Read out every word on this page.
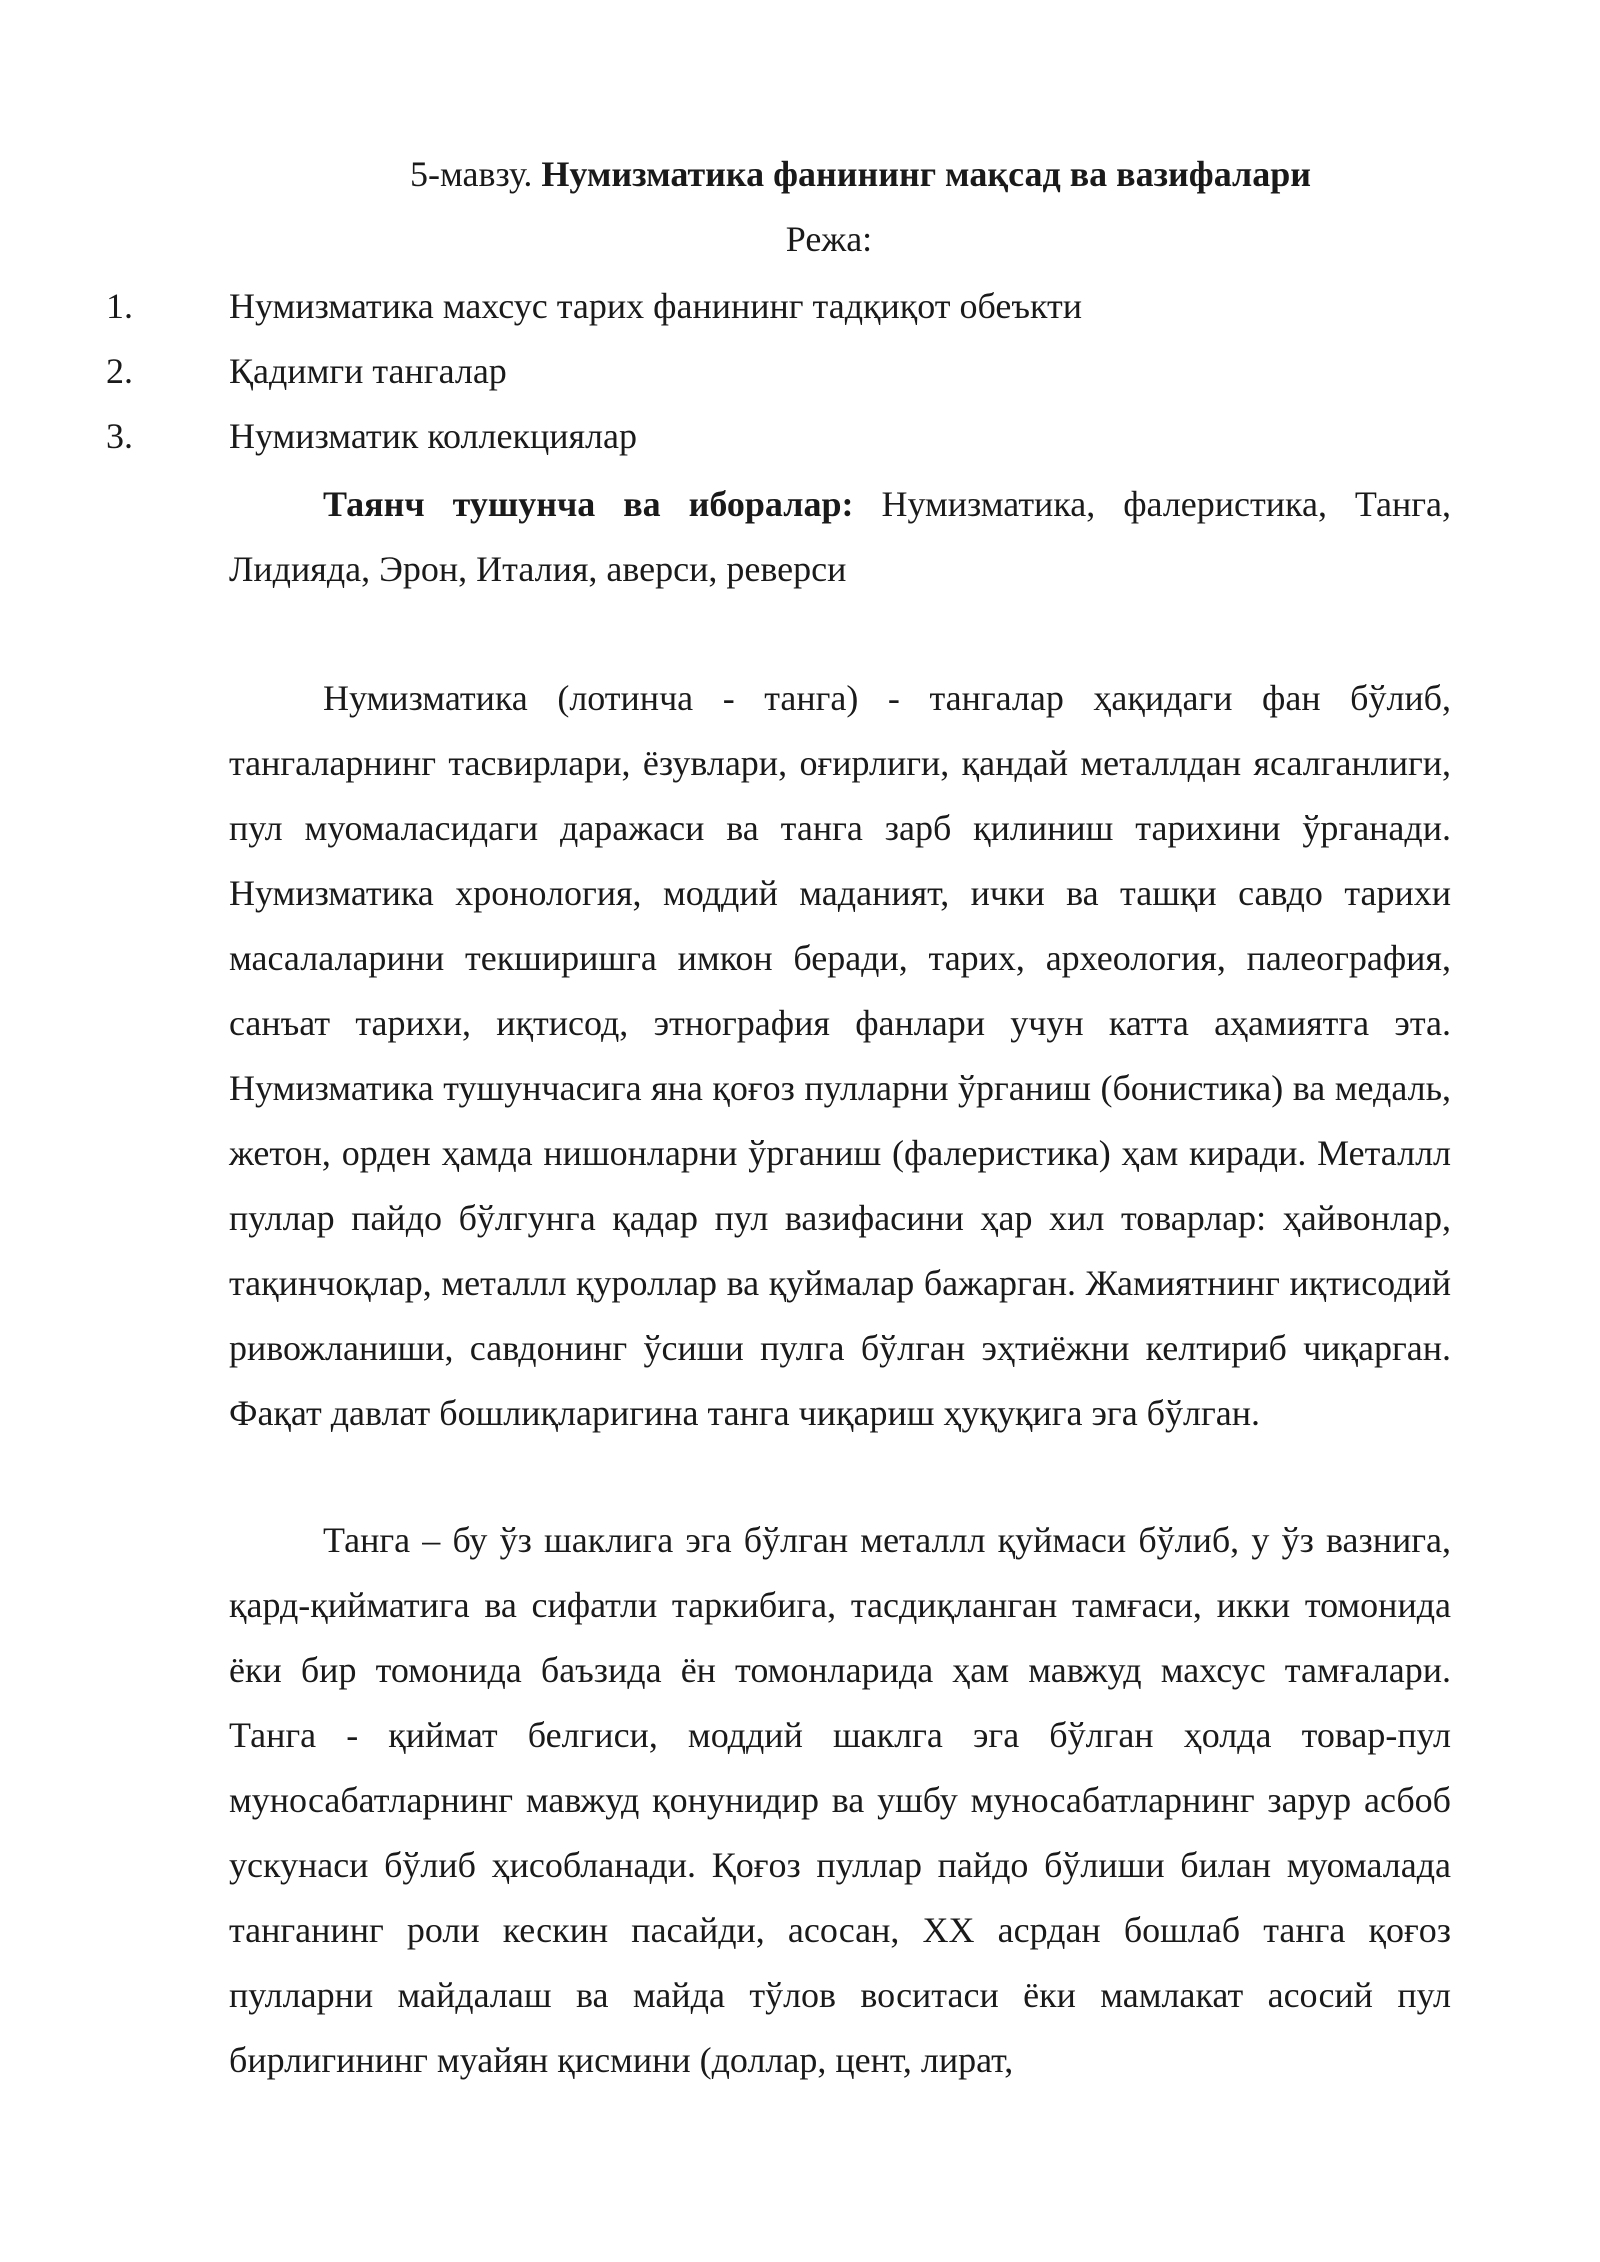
5-мавзу. Нумизматика фанининг мақсад ва вазифалари
Режа:
1.	Нумизматика махсус тарих фанининг тадқиқот обеъкти
2.	Қадимги тангалар
3.	Нумизматик коллекциялар

Таянч тушунча ва иборалар: Нумизматика, фалеристика, Танга, Лидияда, Эрон, Италия, аверси, реверси

Нумизматика (лотинча - танга) - тангалар ҳақидаги фан бўлиб, тангаларнинг тасвирлари, ёзувлари, оғирлиги, қандай металлдан ясалганлиги, пул муомаласидаги даражаси ва танга зарб қилиниш тарихини ўрганади. Нумизматика хронология, моддий маданият, ички ва ташқи савдо тарихи масалаларини текширишга имкон беради, тарих, археология, палеография, санъат тарихи, иқтисод, этнография фанлари учун катта аҳамиятга эта. Нумизматика тушунчасига яна қоғоз пулларни ўрганиш (бонистика) ва медаль, жетон, орден ҳамда нишонларни ўрганиш (фалеристика) ҳам киради. Металлл пуллар пайдо бўлгунга қадар пул вазифасини ҳар хил товарлар: ҳайвонлар, тақинчоқлар, металлл қуроллар ва қуймалар бажарган. Жамиятнинг иқтисодий ривожланиши, савдонинг ўсиши пулга бўлган эҳтиёжни келтириб чиқарган. Фақат давлат бошлиқларигина танга чиқариш ҳуқуқига эга бўлган.

Танга – бу ўз шаклига эга бўлган металлл қуймаси бўлиб, у ўз вазнига, қард-қийматига ва сифатли таркибига, тасдиқланган тамғаси, икки томонида ёки бир томонида баъзида ён томонларида ҳам мавжуд махсус тамғалари. Танга - қиймат белгиси, моддий шаклга эга бўлган ҳолда товар-пул муносабатларнинг мавжуд қонунидир ва ушбу муносабатларнинг зарур асбоб ускунаси бўлиб ҳисобланади. Қоғоз пуллар пайдо бўлиши билан муомалада танганинг роли кескин пасайди, асосан, XX асрдан бошлаб танга қоғоз пулларни майдалаш ва майда тўлов воситаси ёки мамлакат асосий пул бирлигининг муайян қисмини (доллар, цент, лират,
